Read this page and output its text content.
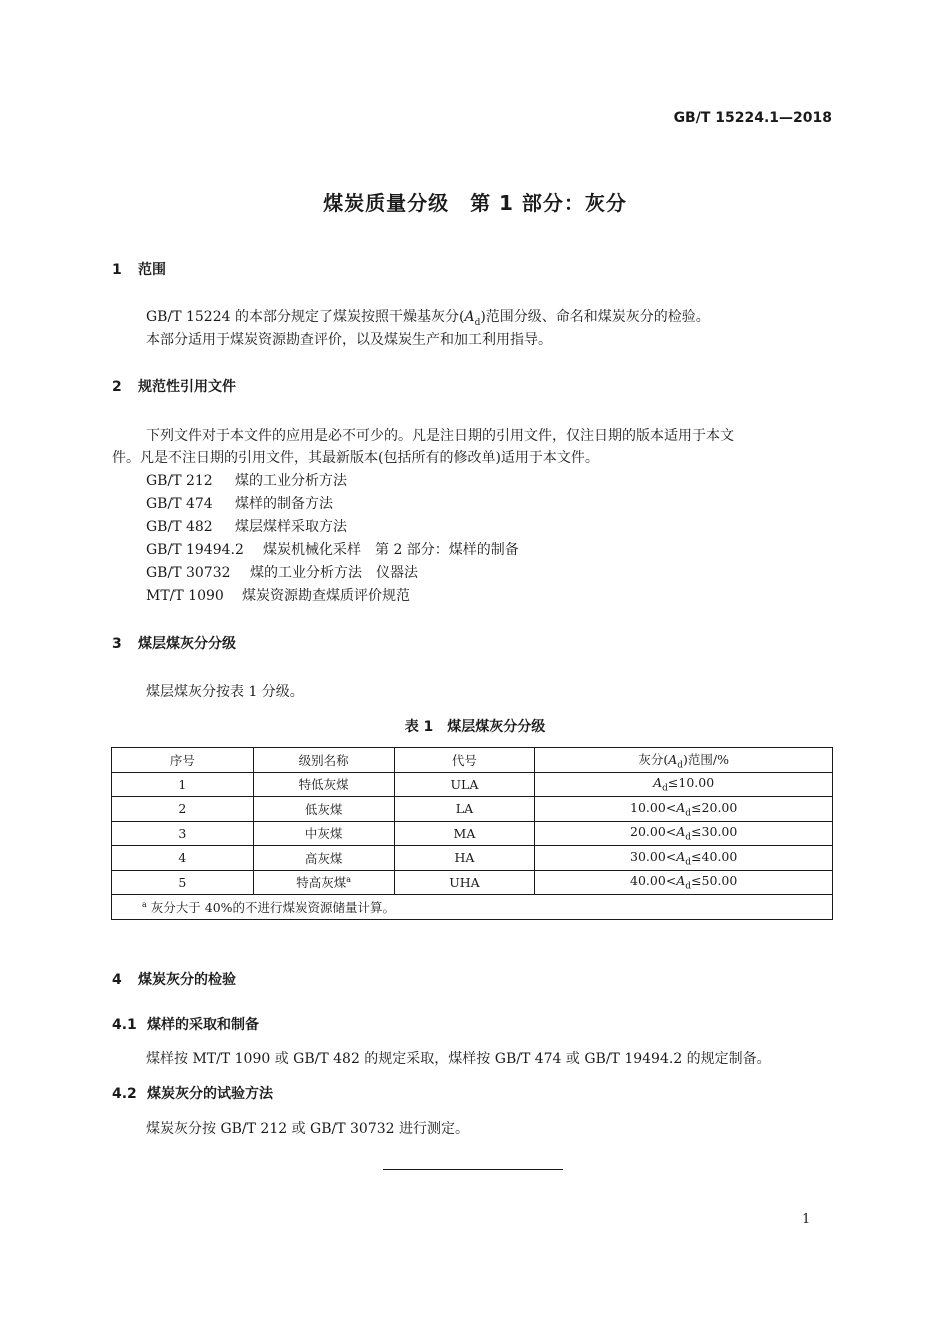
GB/T 15224.1—2018
煤炭质量分级　第 1 部分：灰分
1 范围
GB/T 15224 的本部分规定了煤炭按照干燥基灰分$(A_d)$范围分级、命名和煤炭灰分的检验。
本部分适用于煤炭资源勘查评价，以及煤炭生产和加工利用指导。
2 规范性引用文件
下列文件对于本文件的应用是必不可少的。凡是注日期的引用文件，仅注日期的版本适用于本文
件。凡是不注日期的引用文件，其最新版本(包括所有的修改单)适用于本文件。
GB/T 212 煤的工业分析方法
GB/T 474 煤样的制备方法
GB/T 482 煤层煤样采取方法
GB/T 19494.2 煤炭机械化采样　第 2 部分：煤样的制备
GB/T 30732 煤的工业分析方法　仪器法
MT/T 1090 煤炭资源勘查煤质评价规范
3 煤层煤灰分分级
煤层煤灰分按表 1 分级。
表 1　煤层煤灰分分级
序号	级别名称	代号	灰分$(A_d)$范围/%
1	特低灰煤	ULA	$A_d\le 10.00$
2	低灰煤	LA	$10.00<A_d\le 20.00$
3	中灰煤	MA	$20.00<A_d\le 30.00$
4	高灰煤	HA	$30.00<A_d\le 40.00$
5	特高灰煤$^a$	UHA	$40.00<A_d\le 50.00$
$^a$ 灰分大于 40%的不进行煤炭资源储量计算。			
4 煤炭灰分的检验
4.1 煤样的采取和制备
煤样按 MT/T 1090 或 GB/T 482 的规定采取，煤样按 GB/T 474 或 GB/T 19494.2 的规定制备。
4.2 煤炭灰分的试验方法
煤炭灰分按 GB/T 212 或 GB/T 30732 进行测定。
1
